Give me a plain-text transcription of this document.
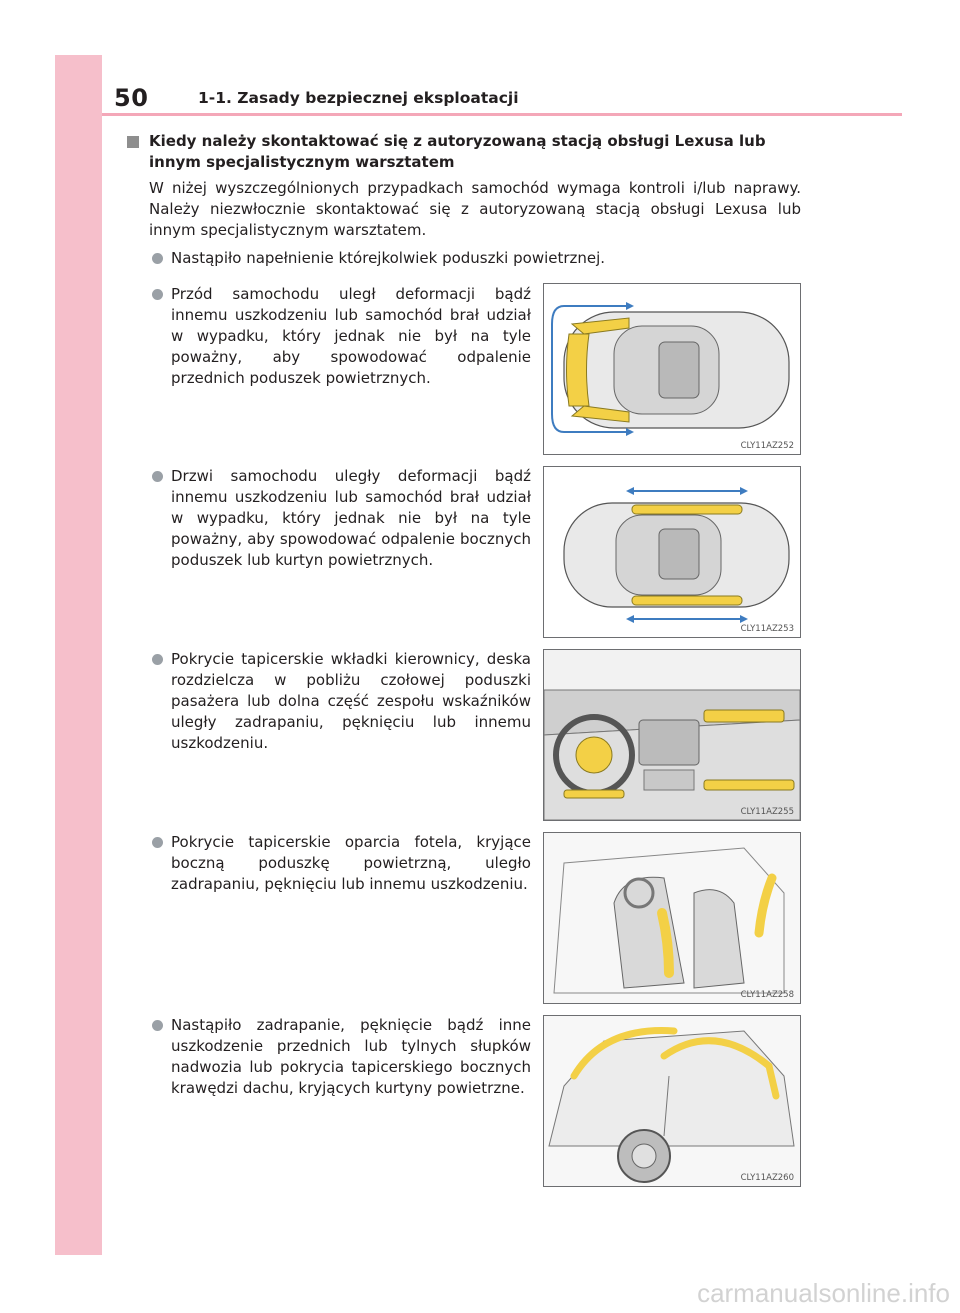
50	1-1. Zasady bezpiecznej eksploatacji
Kiedy należy skontaktować się z autoryzowaną stacją obsługi Lexusa lub innym specjalistycznym warsztatem
W niżej wyszczególnionych przypadkach samochód wymaga kontroli i/lub naprawy. Należy niezwłocznie skontaktować się z autoryzowaną stacją obsługi Lexusa lub innym specjalistycznym warsztatem.
Nastąpiło napełnienie którejkolwiek poduszki powietrznej.
Przód samochodu uległ deformacji bądź innemu uszkodzeniu lub samochód brał udział w wypadku, który jednak nie był na tyle poważny, aby spowodować odpalenie przednich poduszek powietrznych.
Drzwi samochodu uległy deformacji bądź innemu uszkodzeniu lub samochód brał udział w wypadku, który jednak nie był na tyle poważny, aby spowodować odpalenie bocznych poduszek lub kurtyn powietrznych.
Pokrycie tapicerskie wkładki kierownicy, deska rozdzielcza w pobliżu czołowej poduszki pasażera lub dolna część zespołu wskaźników uległy zadrapaniu, pęknięciu lub innemu uszkodzeniu.
Pokrycie tapicerskie oparcia fotela, kryjące boczną poduszkę powietrzną, uległo zadrapaniu, pęknięciu lub innemu uszkodzeniu.
Nastąpiło zadrapanie, pęknięcie bądź inne uszkodzenie przednich lub tylnych słupków nadwozia lub pokrycia tapicerskiego bocznych krawędzi dachu, kryjących kurtyny powietrzne.
CLY11AZ252
CLY11AZ253
CLY11AZ255
CLY11AZ258
CLY11AZ260
carmanualsonline.info
